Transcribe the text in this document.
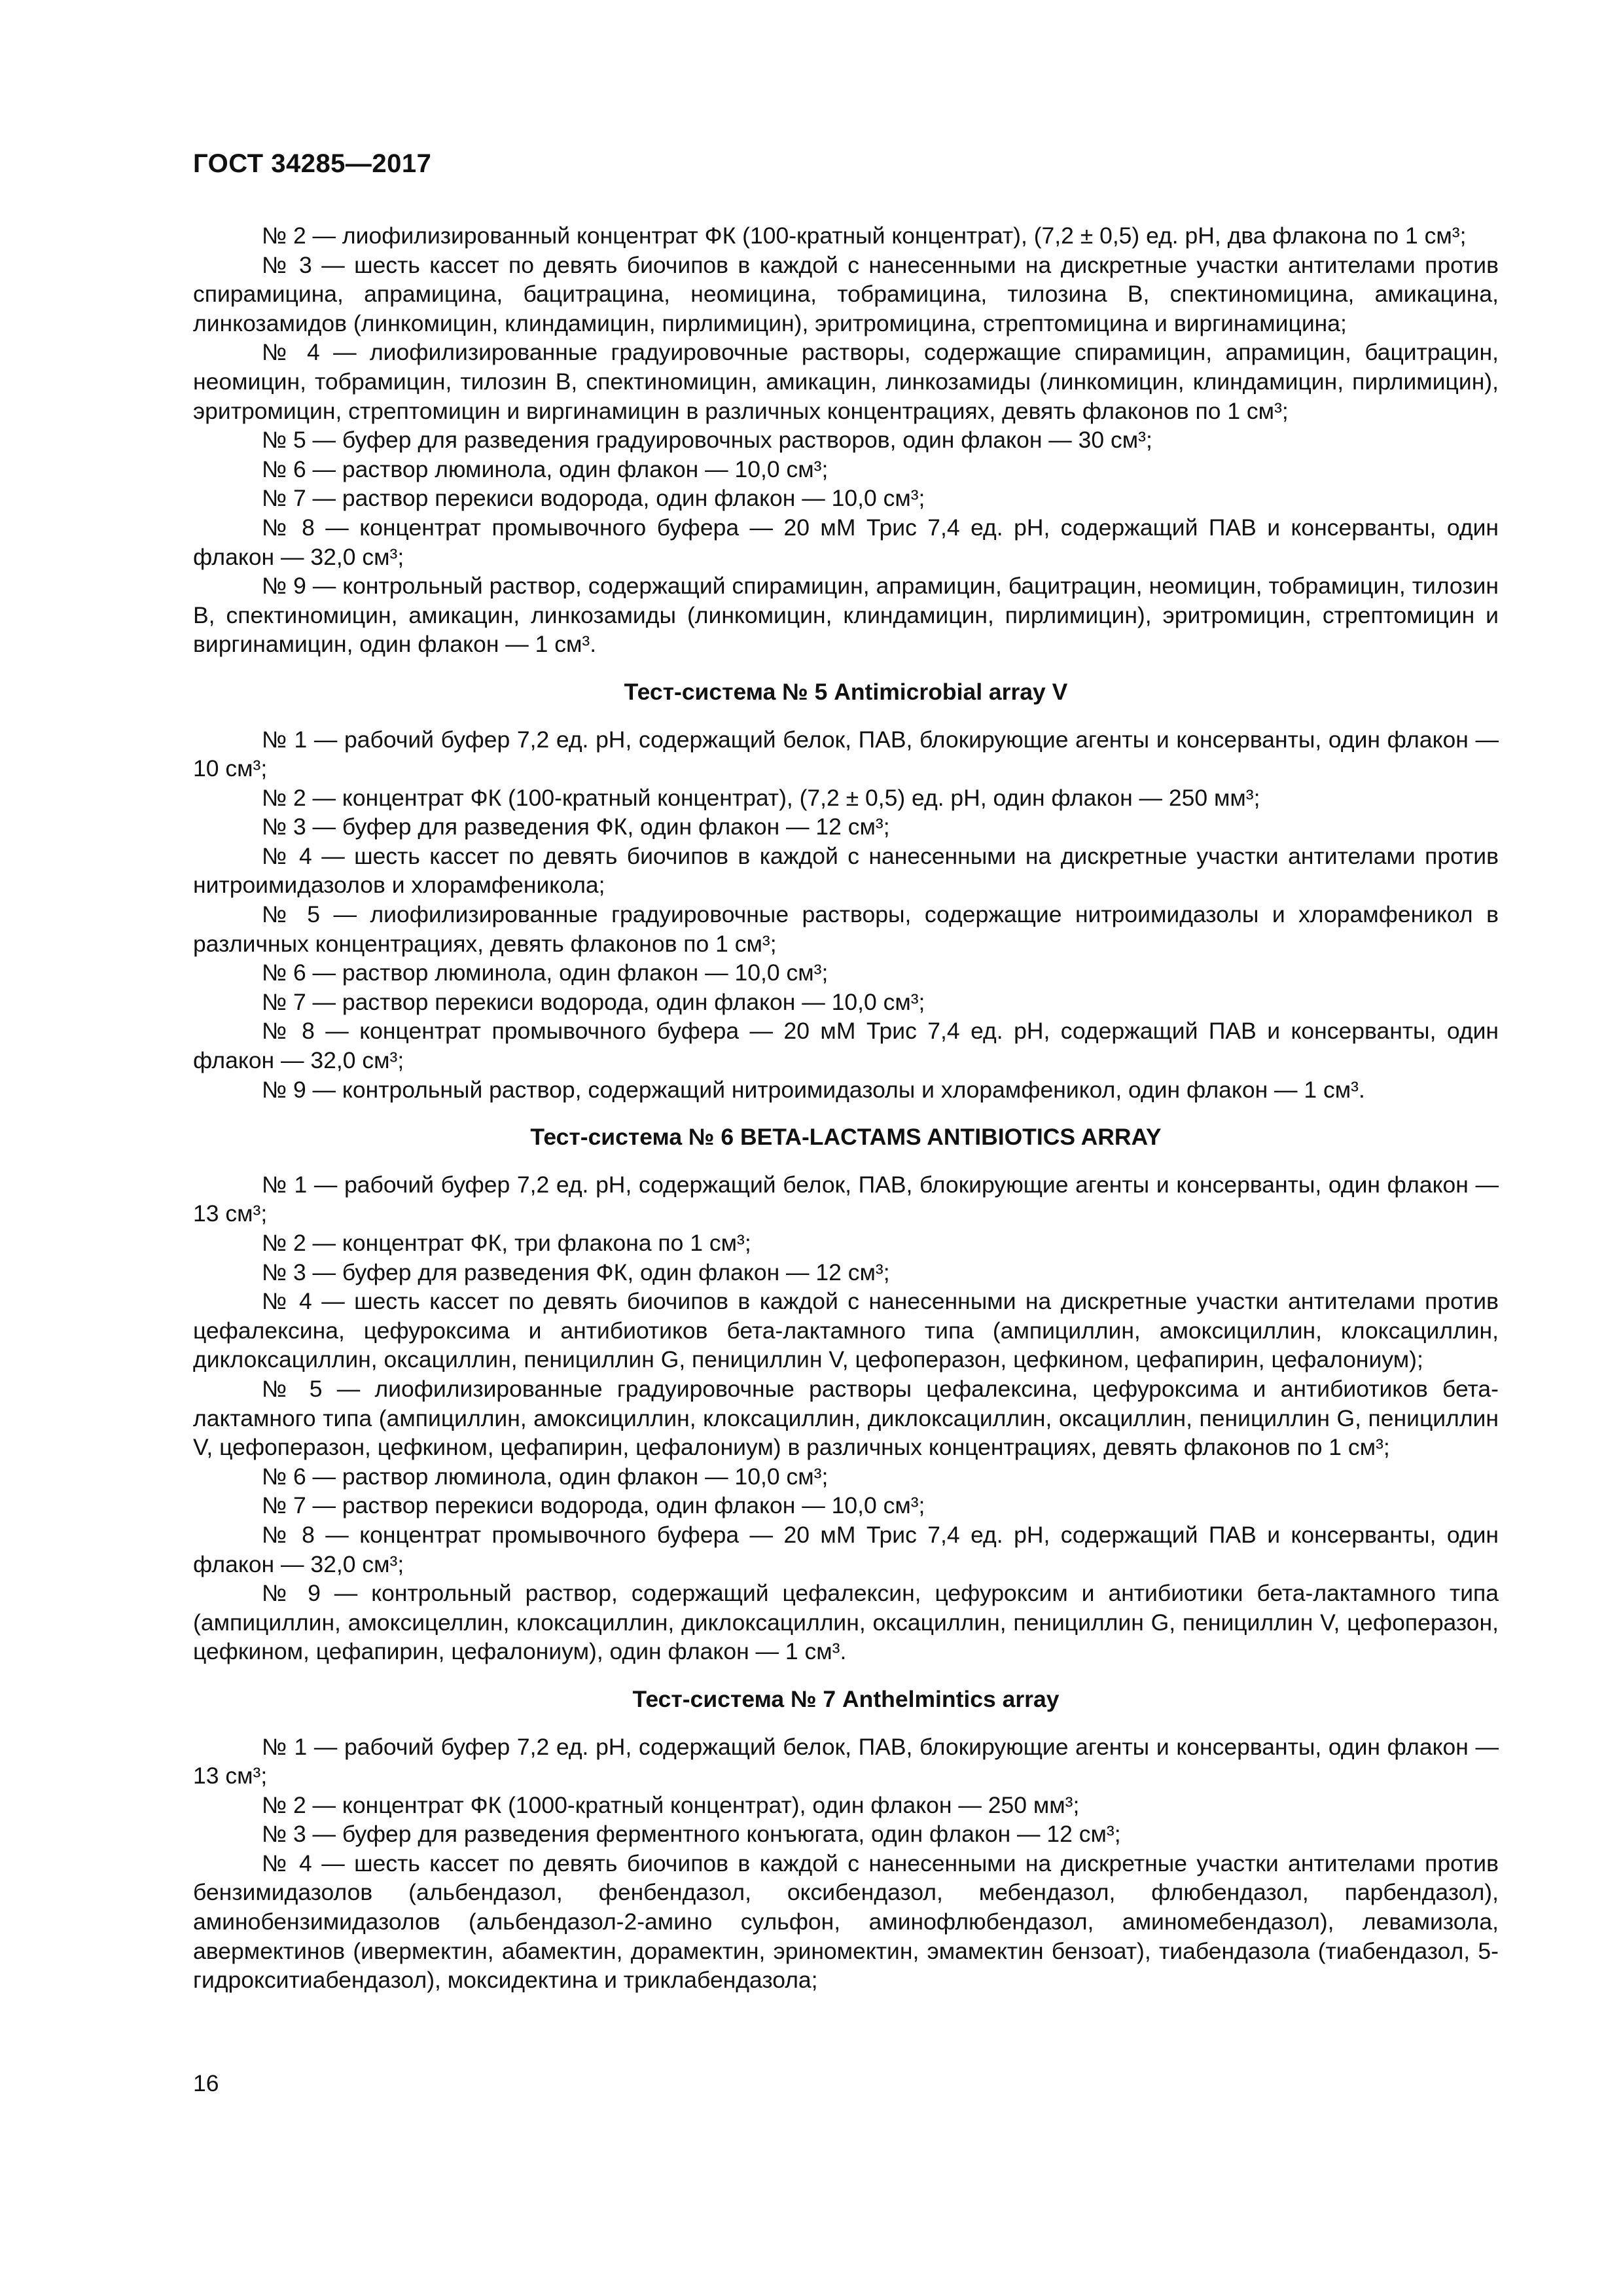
ГОСТ 34285—2017

№ 2 — лиофилизированный концентрат ФК (100-кратный концентрат), (7,2 ± 0,5) ед. pH, два флакона по 1 см³;

№ 3 — шесть кассет по девять биочипов в каждой с нанесенными на дискретные участки антителами против спирамицина, апрамицина, бацитрацина, неомицина, тобрамицина, тилозина В, спектиномицина, амикацина, линкозамидов (линкомицин, клиндамицин, пирлимицин), эритромицина, стрептомицина и виргинамицина;

№ 4 — лиофилизированные градуировочные растворы, содержащие спирамицин, апрамицин, бацитрацин, неомицин, тобрамицин, тилозин В, спектиномицин, амикацин, линкозамиды (линкомицин, клиндамицин, пирлимицин), эритромицин, стрептомицин и виргинамицин в различных концентрациях, девять флаконов по 1 см³;

№ 5 — буфер для разведения градуировочных растворов, один флакон — 30 см³;

№ 6 — раствор люминола, один флакон — 10,0 см³;

№ 7 — раствор перекиси водорода, один флакон — 10,0 см³;

№ 8 — концентрат промывочного буфера — 20 мМ Трис 7,4 ед. pH, содержащий ПАВ и консерванты, один флакон — 32,0 см³;

№ 9 — контрольный раствор, содержащий спирамицин, апрамицин, бацитрацин, неомицин, тобрамицин, тилозин В, спектиномицин, амикацин, линкозамиды (линкомицин, клиндамицин, пирлимицин), эритромицин, стрептомицин и виргинамицин, один флакон — 1 см³.

Тест-система № 5 Antimicrobial array V

№ 1 — рабочий буфер 7,2 ед. pH, содержащий белок, ПАВ, блокирующие агенты и консерванты, один флакон — 10 см³;

№ 2 — концентрат ФК (100-кратный концентрат), (7,2 ± 0,5) ед. pH, один флакон — 250 мм³;

№ 3 — буфер для разведения ФК, один флакон — 12 см³;

№ 4 — шесть кассет по девять биочипов в каждой с нанесенными на дискретные участки антителами против нитроимидазолов и хлорамфеникола;

№ 5 — лиофилизированные градуировочные растворы, содержащие нитроимидазолы и хлорамфеникол в различных концентрациях, девять флаконов по 1 см³;

№ 6 — раствор люминола, один флакон — 10,0 см³;

№ 7 — раствор перекиси водорода, один флакон — 10,0 см³;

№ 8 — концентрат промывочного буфера — 20 мМ Трис 7,4 ед. pH, содержащий ПАВ и консерванты, один флакон — 32,0 см³;

№ 9 — контрольный раствор, содержащий нитроимидазолы и хлорамфеникол, один флакон — 1 см³.

Тест-система № 6 BETA-LACTAMS ANTIBIOTICS ARRAY

№ 1 — рабочий буфер 7,2 ед. pH, содержащий белок, ПАВ, блокирующие агенты и консерванты, один флакон — 13 см³;

№ 2 — концентрат ФК, три флакона по 1 см³;

№ 3 — буфер для разведения ФК, один флакон — 12 см³;

№ 4 — шесть кассет по девять биочипов в каждой с нанесенными на дискретные участки антителами против цефалексина, цефуроксима и антибиотиков бета-лактамного типа (ампициллин, амоксициллин, клоксациллин, диклоксациллин, оксациллин, пенициллин G, пенициллин V, цефоперазон, цефкином, цефапирин, цефалониум);

№ 5 — лиофилизированные градуировочные растворы цефалексина, цефуроксима и антибиотиков бета-лактамного типа (ампициллин, амоксициллин, клоксациллин, диклоксациллин, оксациллин, пенициллин G, пенициллин V, цефоперазон, цефкином, цефапирин, цефалониум) в различных концентрациях, девять флаконов по 1 см³;

№ 6 — раствор люминола, один флакон — 10,0 см³;

№ 7 — раствор перекиси водорода, один флакон — 10,0 см³;

№ 8 — концентрат промывочного буфера — 20 мМ Трис 7,4 ед. pH, содержащий ПАВ и консерванты, один флакон — 32,0 см³;

№ 9 — контрольный раствор, содержащий цефалексин, цефуроксим и антибиотики бета-лактамного типа (ампициллин, амоксицеллин, клоксациллин, диклоксациллин, оксациллин, пенициллин G, пенициллин V, цефоперазон, цефкином, цефапирин, цефалониум), один флакон — 1 см³.

Тест-система № 7 Anthelmintics array

№ 1 — рабочий буфер 7,2 ед. pH, содержащий белок, ПАВ, блокирующие агенты и консерванты, один флакон — 13 см³;

№ 2 — концентрат ФК (1000-кратный концентрат), один флакон — 250 мм³;

№ 3 — буфер для разведения ферментного конъюгата, один флакон — 12 см³;

№ 4 — шесть кассет по девять биочипов в каждой с нанесенными на дискретные участки антителами против бензимидазолов (альбендазол, фенбендазол, оксибендазол, мебендазол, флюбендазол, парбендазол), аминобензимидазолов (альбендазол-2-амино сульфон, аминофлюбендазол, аминомебендазол), левамизола, авермектинов (ивермектин, абамектин, дорамектин, эриномектин, эмамектин бензоат), тиабендазола (тиабендазол, 5-гидрокситиабендазол), моксидектина и триклабендазола;

16
